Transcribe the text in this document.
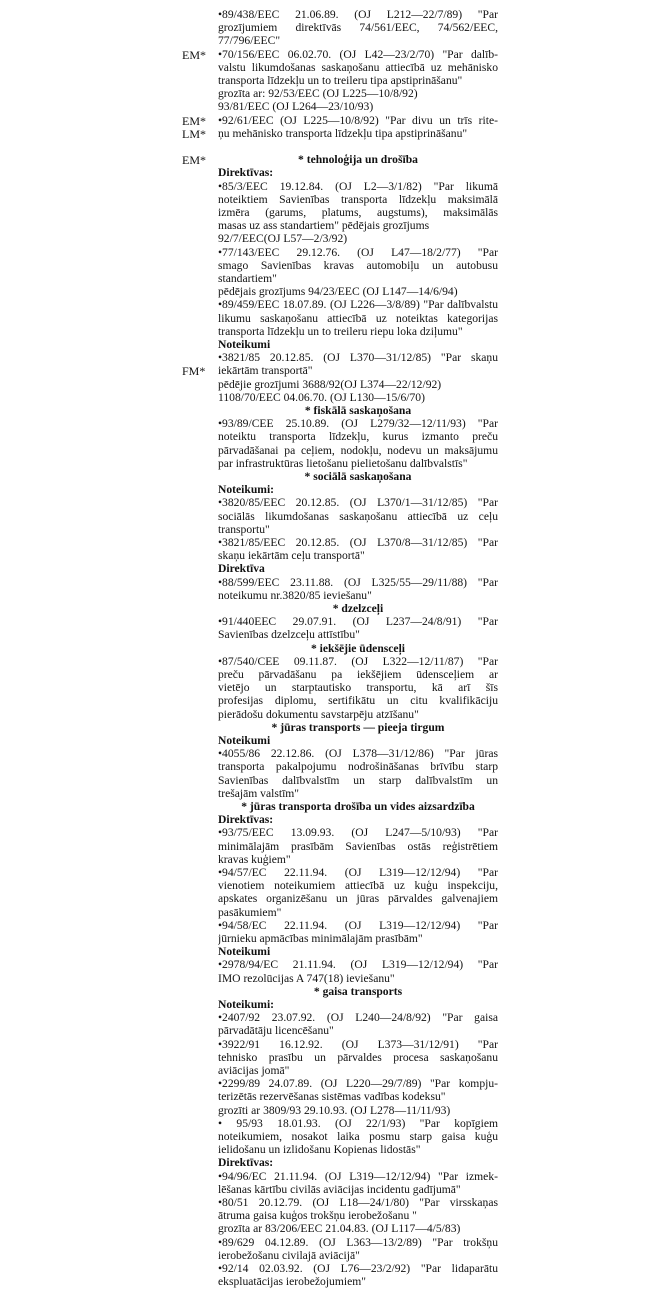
•89/438/EEC 21.06.89. (OJ L212—22/7/89) "Par
grozījumiem direktīvās 74/561/EEC, 74/562/EEC,
77/796/EEC"
•70/156/EEC 06.02.70. (OJ L42—23/2/70) "Par dalīb-
valstu likumdošanas saskaņošanu attiecībā uz mehānisko
transporta līdzekļu un to treileru tipa apstiprināšanu"
grozīta ar: 92/53/EEC (OJ L225—10/8/92)
93/81/EEC (OJ L264—23/10/93)
•92/61/EEC (OJ L225—10/8/92) "Par divu un trīs rite-
ņu mehānisko transporta līdzekļu tipa apstiprināšanu"
* tehnoloģija un drošība
Direktīvas:
•85/3/EEC 19.12.84. (OJ L2—3/1/82) "Par likumā
noteiktiem Savienības transporta līdzekļu maksimālā
izmēra (garums, platums, augstums), maksimālās
masas uz ass standartiem" pēdējais grozījums
92/7/EEC(OJ L57—2/3/92)
•77/143/EEC 29.12.76. (OJ L47—18/2/77) "Par
smago Savienības kravas automobiļu un autobusu
standartiem"
pēdējais grozījums 94/23/EEC (OJ L147—14/6/94)
•89/459/EEC 18.07.89. (OJ L226—3/8/89) "Par dalībvalstu
likumu saskaņošanu attiecībā uz noteiktas kategorijas
transporta līdzekļu un to treileru riepu loka dziļumu"
Noteikumi
•3821/85 20.12.85. (OJ L370—31/12/85) "Par skaņu
iekārtām transportā"
pēdējie grozījumi 3688/92(OJ L374—22/12/92)
1108/70/EEC 04.06.70. (OJ L130—15/6/70)
* fiskālā saskaņošana
•93/89/CEE 25.10.89. (OJ L279/32—12/11/93) "Par
noteiktu transporta līdzekļu, kurus izmanto preču
pārvadāšanai pa ceļiem, nodokļu, nodevu un maksājumu
par infrastruktūras lietošanu pielietošanu dalībvalstīs"
* sociālā saskaņošana
Noteikumi:
•3820/85/EEC 20.12.85. (OJ L370/1—31/12/85) "Par
sociālās likumdošanas saskaņošanu attiecībā uz ceļu
transportu"
•3821/85/EEC 20.12.85. (OJ L370/8—31/12/85) "Par
skaņu iekārtām ceļu transportā"
Direktīva
•88/599/EEC 23.11.88. (OJ L325/55—29/11/88) "Par
noteikumu nr.3820/85 ieviešanu"
* dzelzceļi
•91/440EEC 29.07.91. (OJ L237—24/8/91) "Par
Savienības dzelzceļu attīstību"
* iekšējie ūdensceļi
•87/540/CEE 09.11.87. (OJ L322—12/11/87) "Par
preču pārvadāšanu pa iekšējiem ūdensceļiem ar
vietējo un starptautisko transportu, kā arī šīs
profesijas diplomu, sertifikātu un citu kvalifikāciju
pierādošu dokumentu savstarpēju atzīšanu"
* jūras transports — pieeja tirgum
Noteikumi
•4055/86 22.12.86. (OJ L378—31/12/86) "Par jūras
transporta pakalpojumu nodrošināšanas brīvību starp
Savienības dalībvalstīm un starp dalībvalstīm un
trešajām valstīm"
* jūras transporta drošība un vides aizsardzība
Direktīvas:
•93/75/EEC 13.09.93. (OJ L247—5/10/93) "Par
minimālajām prasībām Savienības ostās reģistrētiem
kravas kuģiem"
•94/57/EC 22.11.94. (OJ L319—12/12/94) "Par
vienotiem noteikumiem attiecībā uz kuģu inspekciju,
apskates organizēšanu un jūras pārvaldes galvenajiem
pasākumiem"
•94/58/EC 22.11.94. (OJ L319—12/12/94) "Par
jūrnieku apmācības minimālajām prasībām"
Noteikumi
•2978/94/EC 21.11.94. (OJ L319—12/12/94) "Par
IMO rezolūcijas A 747(18) ieviešanu"
* gaisa transports
Noteikumi:
•2407/92 23.07.92. (OJ L240—24/8/92) "Par gaisa
pārvadātāju licencēšanu"
•3922/91 16.12.92. (OJ L373—31/12/91) "Par
tehnisko prasību un pārvaldes procesa saskaņošanu
aviācijas jomā"
•2299/89 24.07.89. (OJ L220—29/7/89) "Par kompju-
terizētās rezervēšanas sistēmas vadības kodeksu"
grozīti ar 3809/93 29.10.93. (OJ L278—11/11/93)
• 95/93 18.01.93. (OJ 22/1/93) "Par kopīgiem
noteikumiem, nosakot laika posmu starp gaisa kuģu
ielidošanu un izlidošanu Kopienas lidostās"
Direktīvas:
•94/96/EC 21.11.94. (OJ L319—12/12/94) "Par izmek-
lēšanas kārtību civilās aviācijas incidentu gadījumā"
•80/51 20.12.79. (OJ L18—24/1/80) "Par virsskaņas
ātruma gaisa kuģos trokšņu ierobežošanu "
grozīta ar 83/206/EEC 21.04.83. (OJ L117—4/5/83)
•89/629 04.12.89. (OJ L363—13/2/89) "Par trokšņu
ierobežošanu civilajā aviācijā"
•92/14 02.03.92. (OJ L76—23/2/92) "Par lidaparātu
ekspluatācijas ierobežojumiem"
EM*
EM*
LM*
EM*
FM*
